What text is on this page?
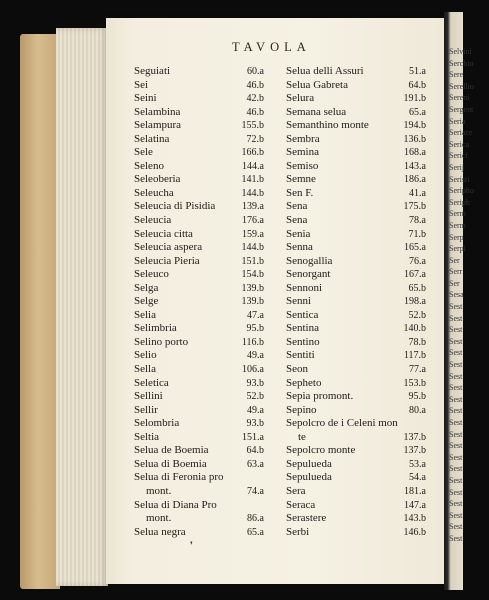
TAVOLA
Seguiati	60.a
Sei	46.b
Seini	42.b
Selambina	46.b
Selampura	155.b
Selatina	72.b
Sele	166.b
Seleno	144.a
Seleoberia	141.b
Seleucha	144.b
Seleucia di Pisidia	139.a
Seleucia	176.a
Seleucia citta	159.a
Seleucia aspera	144.b
Seleucia Pieria	151.b
Seleuco	154.b
Selga	139.b
Selge	139.b
Selia	47.a
Selimbria	95.b
Selino porto	116.b
Selio	49.a
Sella	106.a
Seletica	93.b
Sellini	52.b
Sellir	49.a
Selombria	93.b
Seltia	151.a
Selua de Boemia	64.b
Selua di Boemia	63.a
Selua di Feronia pro
mont.	74.a
Selua di Diana Pro
mont.	86.a
Selua negra	65.a
Selua delli Assuri	51.a
Selua Gabreta	64.b
Selura	191.b
Semana selua	65.a
Semanthino monte	194.b
Sembra	136.b
Semina	168.a
Semiso	143.a
Semne	186.a
Sen F.	41.a
Sena	175.b
Sena	78.a
Senia	71.b
Senna	165.a
Senogallia	76.a
Senorgant	167.a
Sennoni	65.b
Senni	198.a
Sentica	52.b
Sentina	140.b
Sentino	78.b
Sentiti	117.b
Seon	77.a
Sepheto	153.b
Sepia promont.	95.b
Sepino	80.a
Sepolcro de i Celeni mon
te	137.b
Sepolcro monte	137.b
Sepulueda	53.a
Sepulueda	54.a
Sera	181.a
Seraca	147.a
Serastere	143.b
Serbi	146.b
❜
Selvini
Serchio
Sere
Serellio
Sereni
Sergent
Seria
Seriace
Serica
Serici
Serij
Seristi
Seripho
Seriph
Serm
Serm
Serp
Serpi
Ser
Serr
Ser
Sesa
Sest
Sest
Sest
Sest
Sest
Sest
Sest
Sest
Sest
Sest
Sest
Sest
Sest
Sest
Sest
Sest
Sest
Sest
Sest
Sest
Sest
